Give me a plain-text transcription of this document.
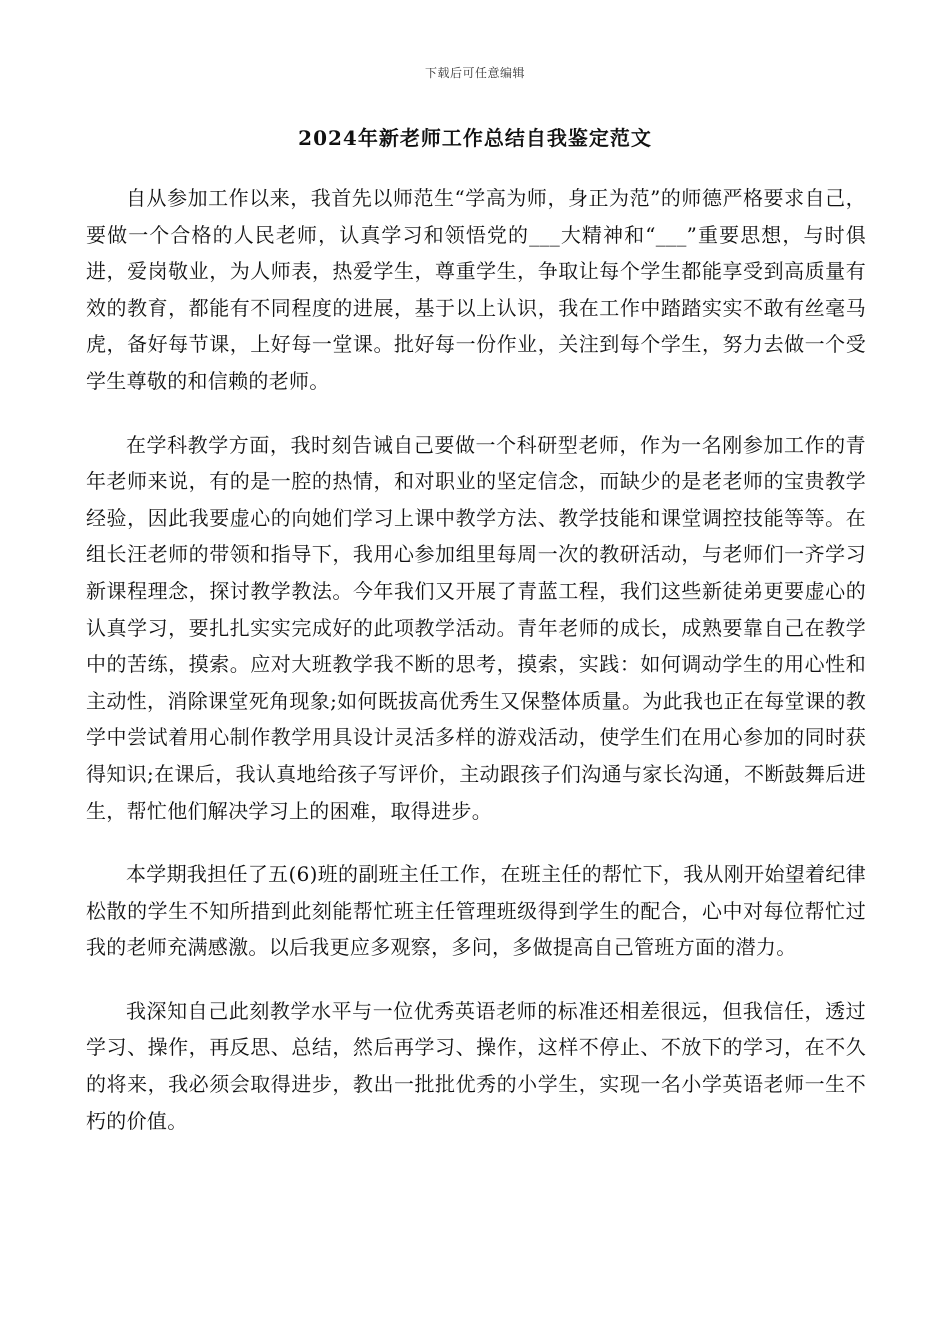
下载后可任意编辑
2024年新老师工作总结自我鉴定范文

自从参加工作以来，我首先以师范生“学高为师，身正为范”的师德严格要求自己，要做一个合格的人民老师，认真学习和领悟党的___大精神和“___”重要思想，与时俱进，爱岗敬业，为人师表，热爱学生，尊重学生，争取让每个学生都能享受到高质量有效的教育，都能有不同程度的进展，基于以上认识，我在工作中踏踏实实不敢有丝毫马虎，备好每节课，上好每一堂课。批好每一份作业，关注到每个学生，努力去做一个受学生尊敬的和信赖的老师。

在学科教学方面，我时刻告诫自己要做一个科研型老师，作为一名刚参加工作的青年老师来说，有的是一腔的热情，和对职业的坚定信念，而缺少的是老老师的宝贵教学经验，因此我要虚心的向她们学习上课中教学方法、教学技能和课堂调控技能等等。在组长汪老师的带领和指导下，我用心参加组里每周一次的教研活动，与老师们一齐学习新课程理念，探讨教学教法。今年我们又开展了青蓝工程，我们这些新徒弟更要虚心的认真学习，要扎扎实实完成好的此项教学活动。青年老师的成长，成熟要靠自己在教学中的苦练，摸索。应对大班教学我不断的思考，摸索，实践：如何调动学生的用心性和主动性，消除课堂死角现象;如何既拔高优秀生又保整体质量。为此我也正在每堂课的教学中尝试着用心制作教学用具设计灵活多样的游戏活动，使学生们在用心参加的同时获得知识;在课后，我认真地给孩子写评价，主动跟孩子们沟通与家长沟通，不断鼓舞后进生，帮忙他们解决学习上的困难，取得进步。

本学期我担任了五(6)班的副班主任工作，在班主任的帮忙下，我从刚开始望着纪律松散的学生不知所措到此刻能帮忙班主任管理班级得到学生的配合，心中对每位帮忙过我的老师充满感激。以后我更应多观察，多问，多做提高自己管班方面的潜力。

我深知自己此刻教学水平与一位优秀英语老师的标准还相差很远，但我信任，透过学习、操作，再反思、总结，然后再学习、操作，这样不停止、不放下的学习，在不久的将来，我必须会取得进步，教出一批批优秀的小学生，实现一名小学英语老师一生不朽的价值。
